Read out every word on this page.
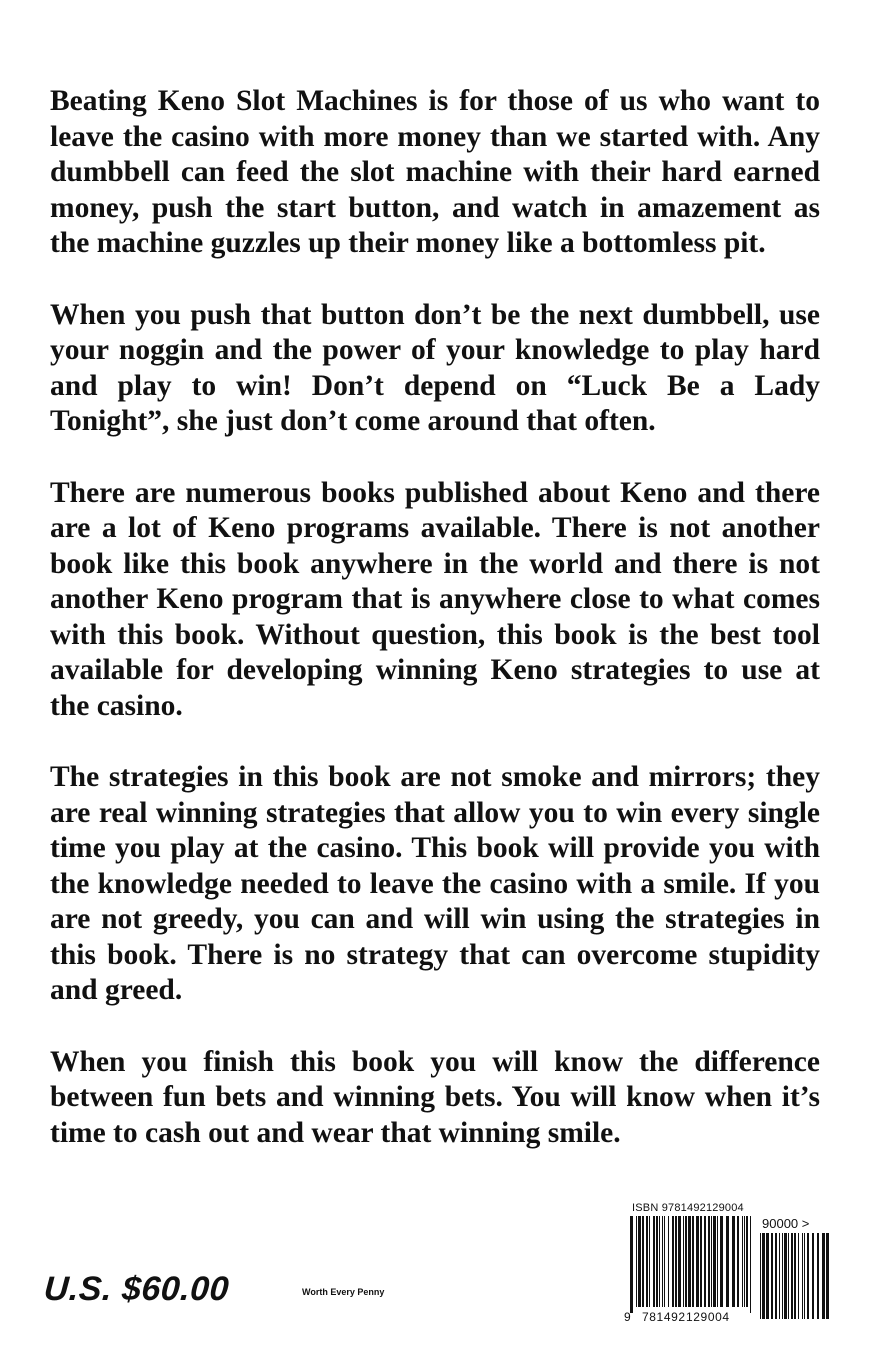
Beating Keno Slot Machines is for those of us who want to leave the casino with more money than we started with. Any dumbbell can feed the slot machine with their hard earned money, push the start button, and watch in amazement as the machine guzzles up their money like a bottomless pit.

When you push that button don’t be the next dumbbell, use your noggin and the power of your knowledge to play hard and play to win! Don’t depend on “Luck Be a Lady Tonight”, she just don’t come around that often.

There are numerous books published about Keno and there are a lot of Keno programs available. There is not another book like this book anywhere in the world and there is not another Keno program that is anywhere close to what comes with this book. Without question, this book is the best tool available for developing winning Keno strategies to use at the casino.

The strategies in this book are not smoke and mirrors; they are real winning strategies that allow you to win every single time you play at the casino. This book will provide you with the knowledge needed to leave the casino with a smile. If you are not greedy, you can and will win using the strategies in this book. There is no strategy that can overcome stupidity and greed.

When you finish this book you will know the difference between fun bets and winning bets. You will know when it’s time to cash out and wear that winning smile.

U.S. $60.00	Worth Every Penny
ISBN 9781492129004
90000 >
9 781492 129004
